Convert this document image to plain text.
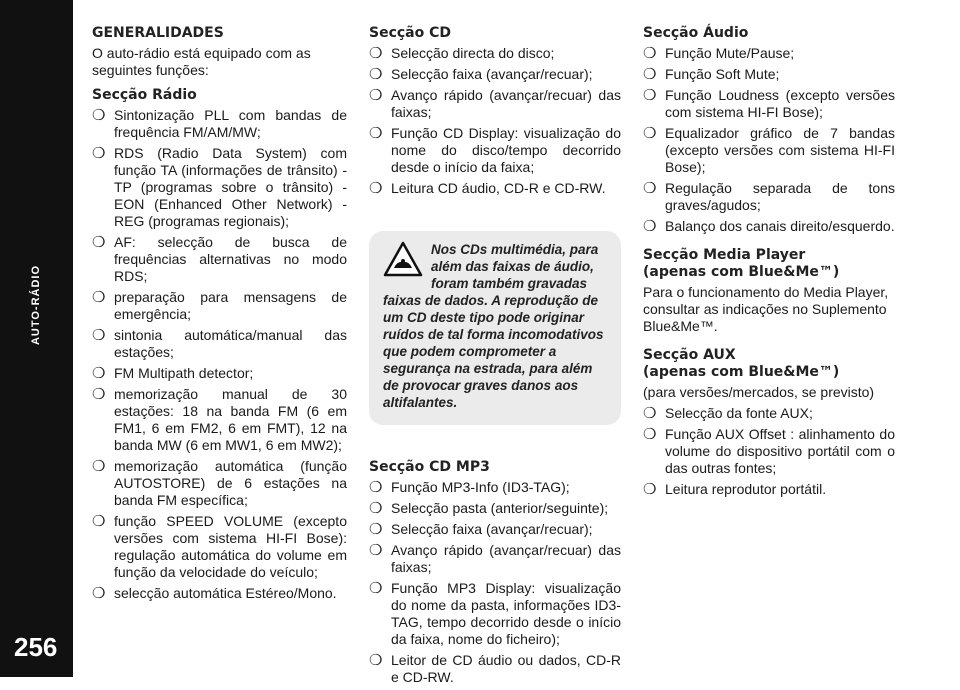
AUTO-RÁDIO
256
GENERALIDADES

O auto-rádio está equipado com as seguintes funções:

Secção Rádio
❍ Sintonização PLL com bandas de frequência FM/AM/MW;
❍ RDS (Radio Data System) com função TA (informações de trânsito) - TP (programas sobre o trânsito) - EON (Enhanced Other Network) - REG (programas regionais);
❍ AF: selecção de busca de frequências alternativas no modo RDS;
❍ preparação para mensagens de emergência;
❍ sintonia automática/manual das estações;
❍ FM Multipath detector;
❍ memorização manual de 30 estações: 18 na banda FM (6 em FM1, 6 em FM2, 6 em FMT), 12 na banda MW (6 em MW1, 6 em MW2);
❍ memorização automática (função AUTOSTORE) de 6 estações na banda FM específica;
❍ função SPEED VOLUME (excepto versões com sistema HI-FI Bose): regulação automática do volume em função da velocidade do veículo;
❍ selecção automática Estéreo/Mono.
Secção CD
❍ Selecção directa do disco;
❍ Selecção faixa (avançar/recuar);
❍ Avanço rápido (avançar/recuar) das faixas;
❍ Função CD Display: visualização do nome do disco/tempo decorrido desde o início da faixa;
❍ Leitura CD áudio, CD-R e CD-RW.
Nos CDs multimédia, para além das faixas de áudio, foram também gravadas faixas de dados. A reprodução de um CD deste tipo pode originar ruídos de tal forma incomodativos que podem comprometer a segurança na estrada, para além de provocar graves danos aos altifalantes.
Secção CD MP3
❍ Função MP3-Info (ID3-TAG);
❍ Selecção pasta (anterior/seguinte);
❍ Selecção faixa (avançar/recuar);
❍ Avanço rápido (avançar/recuar) das faixas;
❍ Função MP3 Display: visualização do nome da pasta, informações ID3-TAG, tempo decorrido desde o início da faixa, nome do ficheiro);
❍ Leitor de CD áudio ou dados, CD-R e CD-RW.
Secção Áudio
❍ Função Mute/Pause;
❍ Função Soft Mute;
❍ Função Loudness (excepto versões com sistema HI-FI Bose);
❍ Equalizador gráfico de 7 bandas (excepto versões com sistema HI-FI Bose);
❍ Regulação separada de tons graves/agudos;
❍ Balanço dos canais direito/esquerdo.
Secção Media Player
(apenas com Blue&Me™)

Para o funcionamento do Media Player, consultar as indicações no Suplemento Blue&Me™.

Secção AUX
(apenas com Blue&Me™)

(para versões/mercados, se previsto)

❍ Selecção da fonte AUX;
❍ Função AUX Offset : alinhamento do volume do dispositivo portátil com o das outras fontes;
❍ Leitura reprodutor portátil.
